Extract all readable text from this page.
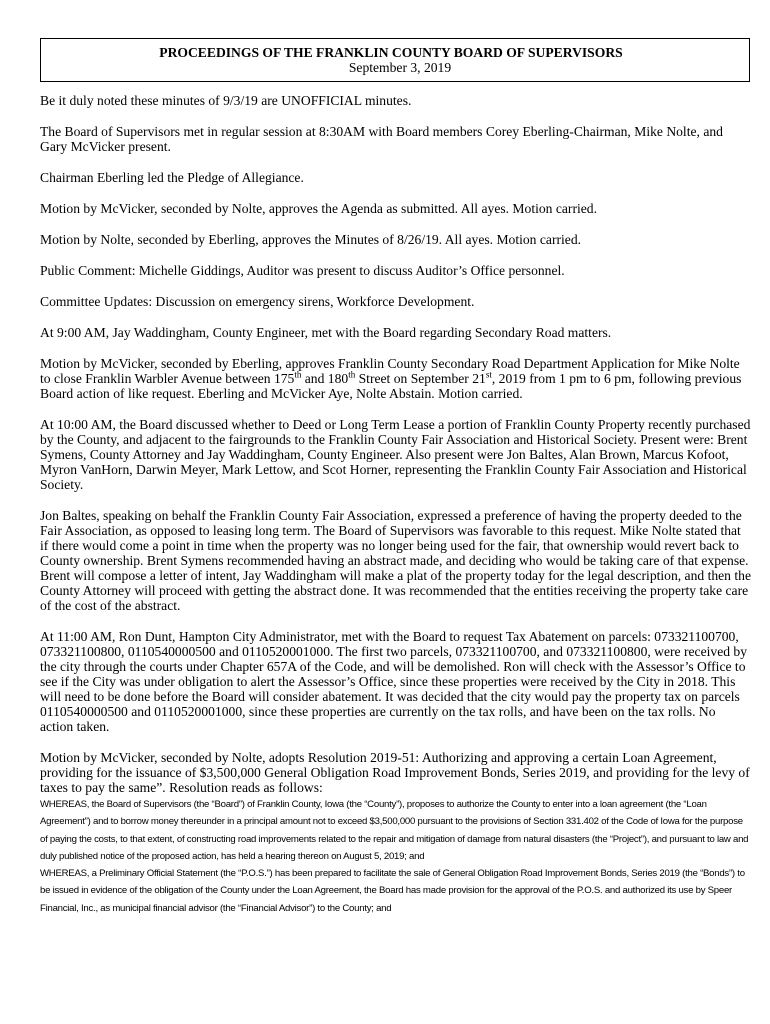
PROCEEDINGS OF THE FRANKLIN COUNTY BOARD OF SUPERVISORS
September 3, 2019

Be it duly noted these minutes of 9/3/19 are UNOFFICIAL minutes.

The Board of Supervisors met in regular session at 8:30AM with Board members Corey Eberling-Chairman, Mike Nolte, and Gary McVicker present.

Chairman Eberling led the Pledge of Allegiance.

Motion by McVicker, seconded by Nolte, approves the Agenda as submitted. All ayes. Motion carried.

Motion by Nolte, seconded by Eberling, approves the Minutes of 8/26/19. All ayes. Motion carried.

Public Comment: Michelle Giddings, Auditor was present to discuss Auditor’s Office personnel.

Committee Updates: Discussion on emergency sirens, Workforce Development.

At 9:00 AM, Jay Waddingham, County Engineer, met with the Board regarding Secondary Road matters.

Motion by McVicker, seconded by Eberling, approves Franklin County Secondary Road Department Application for Mike Nolte to close Franklin Warbler Avenue between 175th and 180th Street on September 21st, 2019 from 1 pm to 6 pm, following previous Board action of like request. Eberling and McVicker Aye, Nolte Abstain. Motion carried.

At 10:00 AM, the Board discussed whether to Deed or Long Term Lease a portion of Franklin County Property recently purchased by the County, and adjacent to the fairgrounds to the Franklin County Fair Association and Historical Society. Present were: Brent Symens, County Attorney and Jay Waddingham, County Engineer. Also present were Jon Baltes, Alan Brown, Marcus Kofoot, Myron VanHorn, Darwin Meyer, Mark Lettow, and Scot Horner, representing the Franklin County Fair Association and Historical Society.

Jon Baltes, speaking on behalf the Franklin County Fair Association, expressed a preference of having the property deeded to the Fair Association, as opposed to leasing long term. The Board of Supervisors was favorable to this request. Mike Nolte stated that if there would come a point in time when the property was no longer being used for the fair, that ownership would revert back to County ownership. Brent Symens recommended having an abstract made, and deciding who would be taking care of that expense. Brent will compose a letter of intent, Jay Waddingham will make a plat of the property today for the legal description, and then the County Attorney will proceed with getting the abstract done. It was recommended that the entities receiving the property take care of the cost of the abstract.

At 11:00 AM, Ron Dunt, Hampton City Administrator, met with the Board to request Tax Abatement on parcels: 073321100700, 073321100800, 0110540000500 and 0110520001000. The first two parcels, 073321100700, and 073321100800, were received by the city through the courts under Chapter 657A of the Code, and will be demolished. Ron will check with the Assessor’s Office to see if the City was under obligation to alert the Assessor’s Office, since these properties were received by the City in 2018. This will need to be done before the Board will consider abatement. It was decided that the city would pay the property tax on parcels 0110540000500 and 0110520001000, since these properties are currently on the tax rolls, and have been on the tax rolls. No action taken.

Motion by McVicker, seconded by Nolte, adopts Resolution 2019-51: Authorizing and approving a certain Loan Agreement, providing for the issuance of $3,500,000 General Obligation Road Improvement Bonds, Series 2019, and providing for the levy of taxes to pay the same”. Resolution reads as follows:

WHEREAS, the Board of Supervisors (the “Board”) of Franklin County, Iowa (the “County”), proposes to authorize the County to enter into a loan agreement (the “Loan Agreement”) and to borrow money thereunder in a principal amount not to exceed $3,500,000 pursuant to the provisions of Section 331.402 of the Code of Iowa for the purpose of paying the costs, to that extent, of constructing road improvements related to the repair and mitigation of damage from natural disasters (the “Project”), and pursuant to law and duly published notice of the proposed action, has held a hearing thereon on August 5, 2019; and

WHEREAS, a Preliminary Official Statement (the “P.O.S.”) has been prepared to facilitate the sale of General Obligation Road Improvement Bonds, Series 2019 (the “Bonds”) to be issued in evidence of the obligation of the County under the Loan Agreement, the Board has made provision for the approval of the P.O.S. and authorized its use by Speer Financial, Inc., as municipal financial advisor (the “Financial Advisor”) to the County; and
